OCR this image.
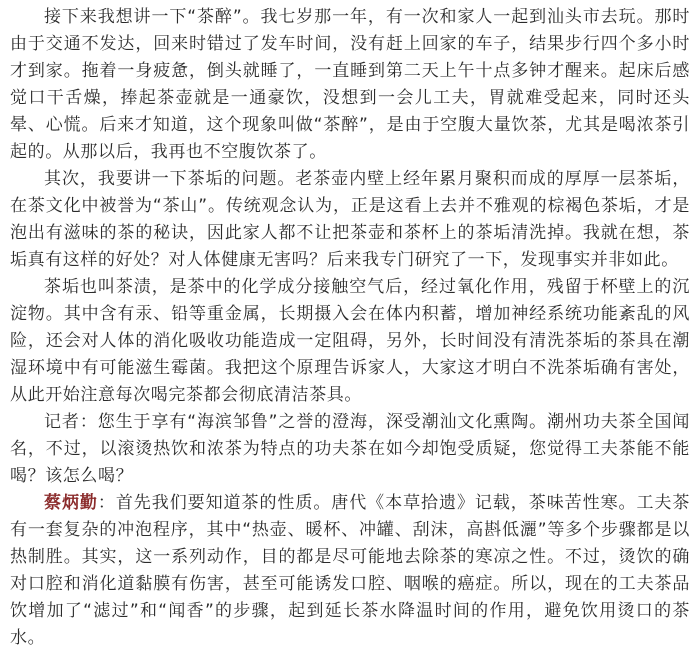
接下来我想讲一下“茶醉”。我七岁那一年，有一次和家人一起到汕头市去玩。那时由于交通不发达，回来时错过了发车时间，没有赶上回家的车子，结果步行四个多小时才到家。拖着一身疲惫，倒头就睡了，一直睡到第二天上午十点多钟才醒来。起床后感觉口干舌燥，捧起茶壶就是一通豪饮，没想到一会儿工夫，胃就难受起来，同时还头晕、心慌。后来才知道，这个现象叫做“茶醉”，是由于空腹大量饮茶，尤其是喝浓茶引起的。从那以后，我再也不空腹饮茶了。

其次，我要讲一下茶垢的问题。老茶壶内壁上经年累月聚积而成的厚厚一层茶垢，在茶文化中被誉为“茶山”。传统观念认为，正是这看上去并不雅观的棕褐色茶垢，才是泡出有滋味的茶的秘诀，因此家人都不让把茶壶和茶杯上的茶垢清洗掉。我就在想，茶垢真有这样的好处？对人体健康无害吗？后来我专门研究了一下，发现事实并非如此。

茶垢也叫茶渍，是茶中的化学成分接触空气后，经过氧化作用，残留于杯壁上的沉淀物。其中含有汞、铅等重金属，长期摄入会在体内积蓄，增加神经系统功能紊乱的风险，还会对人体的消化吸收功能造成一定阻碍，另外，长时间没有清洗茶垢的茶具在潮湿环境中有可能滋生霉菌。我把这个原理告诉家人，大家这才明白不洗茶垢确有害处，从此开始注意每次喝完茶都会彻底清洁茶具。

记者：您生于享有“海滨邹鲁”之誉的澄海，深受潮汕文化熏陶。潮州功夫茶全国闻名，不过，以滚烫热饮和浓茶为特点的功夫茶在如今却饱受质疑，您觉得工夫茶能不能喝？该怎么喝？

蔡炳勤：首先我们要知道茶的性质。唐代《本草拾遗》记载，茶味苦性寒。工夫茶有一套复杂的冲泡程序，其中“热壶、暖杯、冲罐、刮沫，高斟低灑”等多个步骤都是以热制胜。其实，这一系列动作，目的都是尽可能地去除茶的寒凉之性。不过，烫饮的确对口腔和消化道黏膜有伤害，甚至可能诱发口腔、咽喉的癌症。所以，现在的工夫茶品饮增加了“滤过”和“闻香”的步骤，起到延长茶水降温时间的作用，避免饮用烫口的茶水。
